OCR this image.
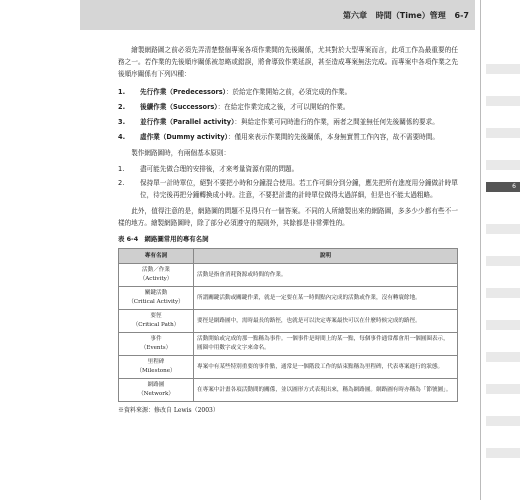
第六章 時間（Time）管理 6-7
6

繪製網路圖之前必須先弄清楚整個專案各項作業間的先後關係，尤其對於大型專案而言，此項工作為最重要的任務之一。若作業的先後順序關係被忽略或錯誤，將會導致作業延誤，甚至造成專案無法完成。而專案中各項作業之先後順序關係有下列四種：

1. 先行作業（Predecessors）：於給定作業開始之前，必須完成的作業。
2. 後續作業（Successors）：在給定作業完成之後，才可以開始的作業。
3. 並行作業（Parallel activity）：與給定作業可同時進行的作業，兩者之間並無任何先後關係的要求。
4. 虛作業（Dummy activity）：僅用來表示作業間的先後關係，本身無實質工作內容，故不需要時間。

製作網路圖時，有兩個基本原則：

1. 盡可能先做合理的安排後，才來考量資源有限的問題。
2. 保持單一計時單位，絕對不要把小時和分鐘混合使用。若工作可細分到分鐘，應先把所有進度用分鐘做計時單位，待完後再把分鐘轉換成小時。注意，不要把計畫的計時單位做得太過詳細，但是也不能太過粗略。

此外，值得注意的是，網路圖的問題不見得只有一個答案。不同的人所繪製出來的網路圖，多多少少都有些不一樣的地方。繪製網路圖時，除了部分必須遵守的規則外，其餘都是非常彈性的。

表 6-4　網路圖常用的專有名詞
專有名詞	說明

活動／作業
（Activity）	活動是指會消耗資源或時間的作業。

關鍵活動
（Critical Activity）	所謂關鍵活動或關鍵作業，就是一定要在某一時間點內完成的活動或作業，沒有轉寰餘地。

要徑
（Critical Path）	要徑是網路圖中，需時最長的路徑，也就是可以決定專案最快可以在什麼時候完成的路徑。

事件
（Events）	活動開始或完成的那一點稱為事件。一個事件是時間上的某一點，每個事件通常都會用一個圓圈表示，圓圈中用數字或文字來命名。

里程碑
（Milestone）	專案中有某些特別重要的事件點，通常是一個階段工作的結束點稱為里程碑，代表專案進行的狀態。

網路圖
（Network）	在專案中計畫各項活動間的關係，並以圖形方式表現出來，稱為網路圖。網路圖有時亦稱為「節號圖」。
※資料來源：修改自 Lewis（2003）
